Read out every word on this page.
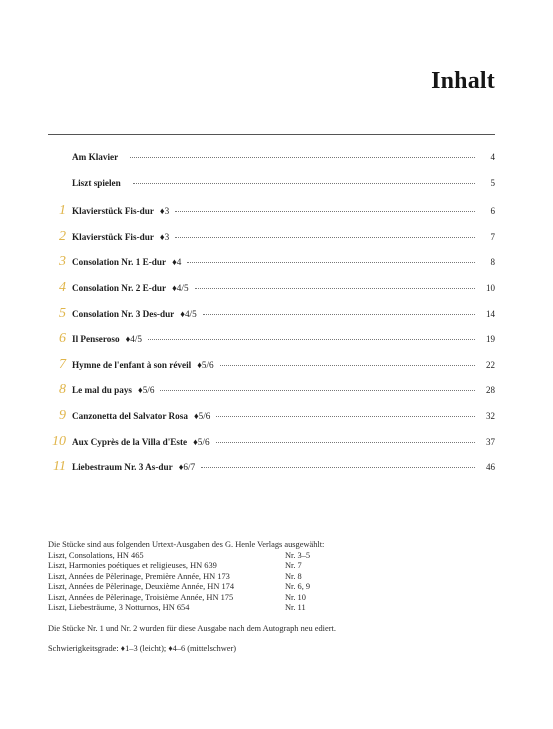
Inhalt
Am Klavier	4
Liszt spielen	5
1 Klavierstück Fis-dur ♦3	6
2 Klavierstück Fis-dur ♦3	7
3 Consolation Nr. 1 E-dur ♦4	8
4 Consolation Nr. 2 E-dur ♦4/5	10
5 Consolation Nr. 3 Des-dur ♦4/5	14
6 Il Penseroso ♦4/5	19
7 Hymne de l'enfant à son réveil ♦5/6	22
8 Le mal du pays ♦5/6	28
9 Canzonetta del Salvator Rosa ♦5/6	32
10 Aux Cyprès de la Villa d'Este ♦5/6	37
11 Liebestraum Nr. 3 As-dur ♦6/7	46

Die Stücke sind aus folgenden Urtext-Ausgaben des G. Henle Verlags ausgewählt:

Liszt, Consolations, HN 465	Nr. 3–5
Liszt, Harmonies poétiques et religieuses, HN 639	Nr. 7
Liszt, Années de Pèlerinage, Première Année, HN 173	Nr. 8
Liszt, Années de Pèlerinage, Deuxième Année, HN 174	Nr. 6, 9
Liszt, Années de Pèlerinage, Troisième Année, HN 175	Nr. 10
Liszt, Liebesträume, 3 Notturnos, HN 654	Nr. 11

Die Stücke Nr. 1 und Nr. 2 wurden für diese Ausgabe nach dem Autograph neu ediert.

Schwierigkeitsgrade: ♦1–3 (leicht); ♦4–6 (mittelschwer)
